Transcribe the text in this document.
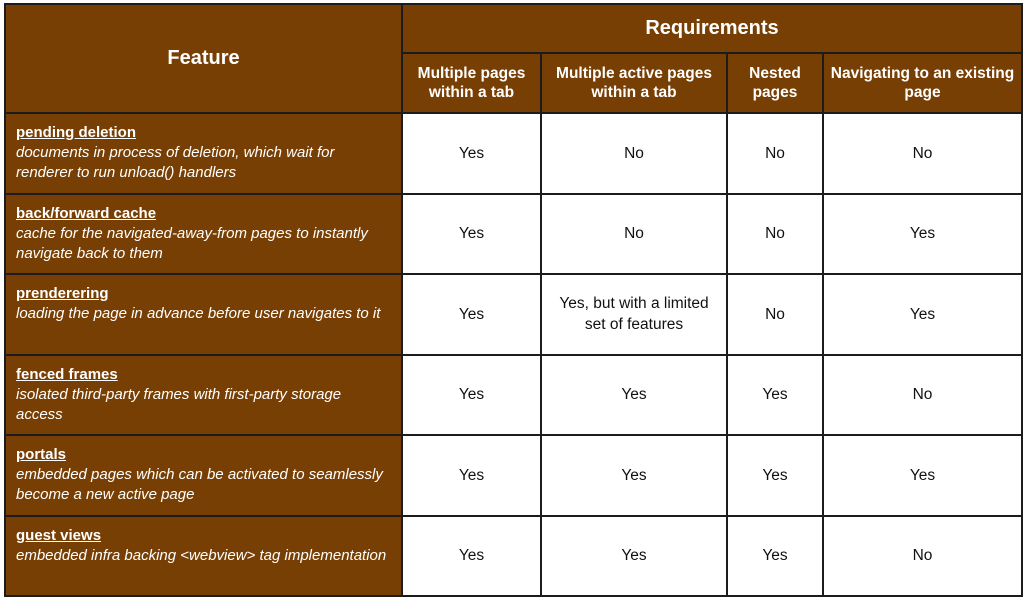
Feature	Requirements			
	Multiple pages within a tab	Multiple active pages within a tab	Nested pages	Navigating to an existing page

pending deletion
documents in process of deletion, which wait for renderer to run unload() handlers	Yes	No	No	No

back/forward cache
cache for the navigated-away-from pages to instantly navigate back to them	Yes	No	No	Yes

prenderering
loading the page in advance before user navigates to it	Yes	Yes, but with a limited set of features	No	Yes

fenced frames
isolated third-party frames with first-party storage access	Yes	Yes	Yes	No

portals
embedded pages which can be activated to seamlessly become a new active page	Yes	Yes	Yes	Yes

guest views
embedded infra backing <webview> tag implementation	Yes	Yes	Yes	No
